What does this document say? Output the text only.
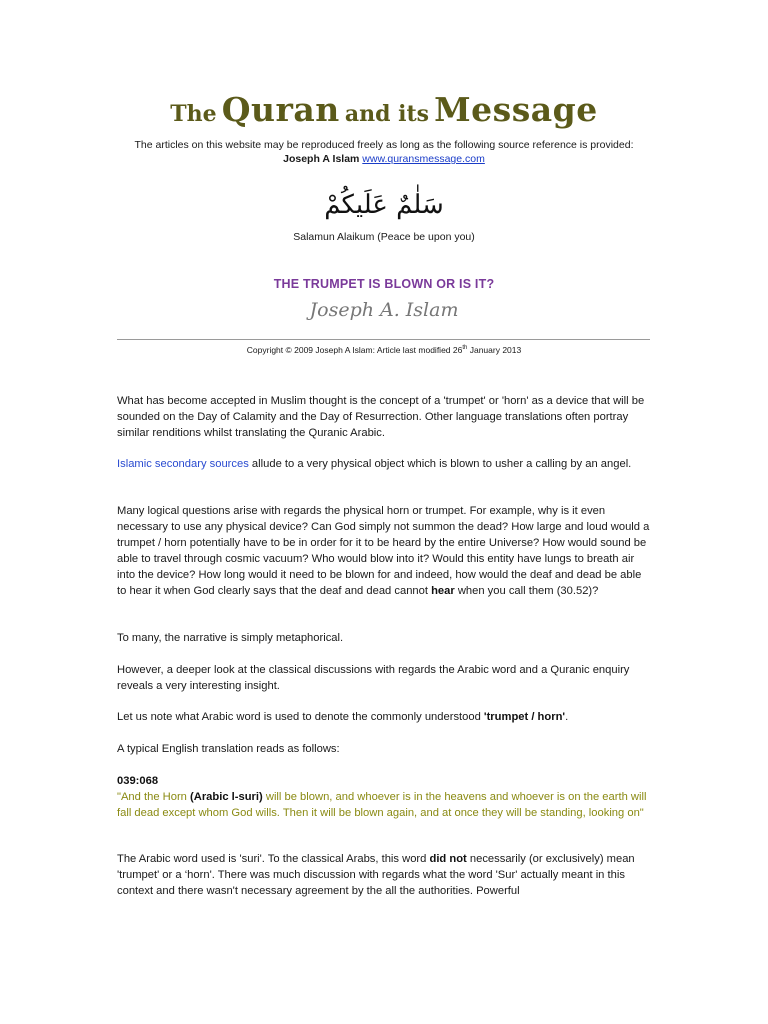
The Quran and its Message
The articles on this website may be reproduced freely as long as the following source reference is provided:
Joseph A Islam www.quransmessage.com
سَلٰمٌ عَلَيكُمْ
Salamun Alaikum (Peace be upon you)
THE TRUMPET IS BLOWN OR IS IT?
Joseph A. Islam
Copyright © 2009 Joseph A Islam: Article last modified 26th January 2013

What has become accepted in Muslim thought is the concept of a 'trumpet' or 'horn' as a device that will be sounded on the Day of Calamity and the Day of Resurrection. Other language translations often portray similar renditions whilst translating the Quranic Arabic.

Islamic secondary sources allude to a very physical object which is blown to usher a calling by an angel.

Many logical questions arise with regards the physical horn or trumpet. For example, why is it even necessary to use any physical device? Can God simply not summon the dead? How large and loud would a trumpet / horn potentially have to be in order for it to be heard by the entire Universe? How would sound be able to travel through cosmic vacuum? Who would blow into it? Would this entity have lungs to breath air into the device? How long would it need to be blown for and indeed, how would the deaf and dead be able to hear it when God clearly says that the deaf and dead cannot hear when you call them (30.52)?

To many, the narrative is simply metaphorical.

However, a deeper look at the classical discussions with regards the Arabic word and a Quranic enquiry reveals a very interesting insight.

Let us note what Arabic word is used to denote the commonly understood 'trumpet / horn'.

A typical English translation reads as follows:

039:068

"And the Horn (Arabic l-suri) will be blown, and whoever is in the heavens and whoever is on the earth will fall dead except whom God wills. Then it will be blown again, and at once they will be standing, looking on"

The Arabic word used is 'suri'. To the classical Arabs, this word did not necessarily (or exclusively) mean 'trumpet' or a ‘horn'. There was much discussion with regards what the word 'Sur' actually meant in this context and there wasn't necessary agreement by the all the authorities. Powerful
